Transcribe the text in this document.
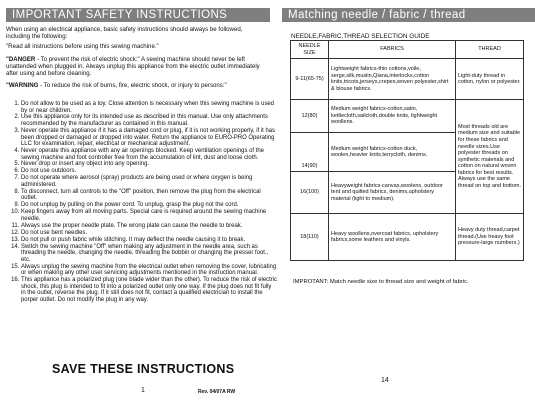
IMPORTANT SAFETY INSTRUCTIONS
When using an electrical appliance, basic safety instructions should always be followed, including the following:
"Read all instructions before using this sewing machine."
"DANGER - To prevent the risk of electric shock:" A sewing machine should never be left unattended when plugged in. Always unplug this appliance from the electric outlet immediately after using and before cleaning.
"WARNING - To reduce the risk of burns, fire, electric shock, or injury to persons:"
1. Do not allow to be used as a toy. Close attention is necessary when this sewing machine is used by or near children.
2. Use this appliance only for its intended use as described in this manual. Use only attachments recommended by the manufacturer as contained in this manual.
3. Never operate this appliance if it has a damaged cord or plug, if it is not working properly, if it has been dropped or damaged or dropped into water. Return the appliance to EURO-PRO Operating LLC for examination, repair, electrical or mechanical adjustment.
4. Never operate this appliance with any air openings blocked. Keep ventilation openings of the sewing machine and foot controller free from the accumulation of lint, dust and loose cloth.
5. Never drop or insert any object into any opening.
6. Do not use outdoors.
7. Do not operate where aerosol (spray) products are being used or where oxygen is being administered.
8. To disconnect, turn all controls to the "Off" position, then remove the plug from the electrical outlet.
9. Do not unplug by pulling on the power cord. To unplug, grasp the plug not the cord.
10. Keep fingers away from all moving parts. Special care is required around the sewing machine needle.
11. Always use the proper needle plate. The wrong plate can cause the needle to break.
12. Do not use bent needles.
13. Do not pull or push fabric while stitching. It may deflect the needle causing it to break.
14. Switch the sewing machine "Off" when making any adjustment in the needle area, such as threading the needle, changing the needle, threading the bobbin or changing the presser foot., etc.
15. Always unplug the sewing machine from the electrical outlet when removing the cover, lubricating or when making any other user servicing adjustments mentioned in the instruction manual.
16. This appliance has a polarized plug (one blade wider than the other). To reduce the risk of electric shock, this plug is intended to fit into a polarized outlet only one way. If the plug does not fit fully in the outlet, reverse the plug. If it still does not fit, contact a qualified electrician to install the porper outlet. Do not modify the plug in any way.
SAVE THESE INSTRUCTIONS
1	Rev. 04/07A RW
Matching needle / fabric / thread
NEEDLE,FABRIC,THREAD SELECTION GUIDE
NEEDLE SIZE	FABRICS	THREAD
9-11(65-75)	Lightweight fabrics-thin cottons,voile, serge,silk,muslin,Qiana,interlocks,cotton knits,tricots,jerseys,crepes,woven polyester,shirt & blouse fabrics.	Light-duty thread in cotton, nylon or polyester.
12(80)	Medium weight fabrics-cotton,satin, kettlecloth,sailcloth,double knits, lightweight woollens.	Most threads old are medium size and suitable for these fabrics and needle sizes.Use polyester threads on synthetic materials and cotton on natural woven fabrics for best results. Always use the same thread on top and bottom.
14(90)	Medium weight fabrics-cotton duck, woolen,heavier knits,terrycloth, denims.	
16(100)	Heavyweight fabrics-canvas,woolens, outdoor tent and quilted fabrics, denims,upholstery material (light to medium).	
18(110)	Heavy woollens,overcoat fabrics, upholstery fabrics,some leathers and vinyls.	Heavy duty thread,carpet thread.(Use heavy foot pressure-large numbers.)
IMPROTANT: Match needle size to thread size and weight of fabric.
14
